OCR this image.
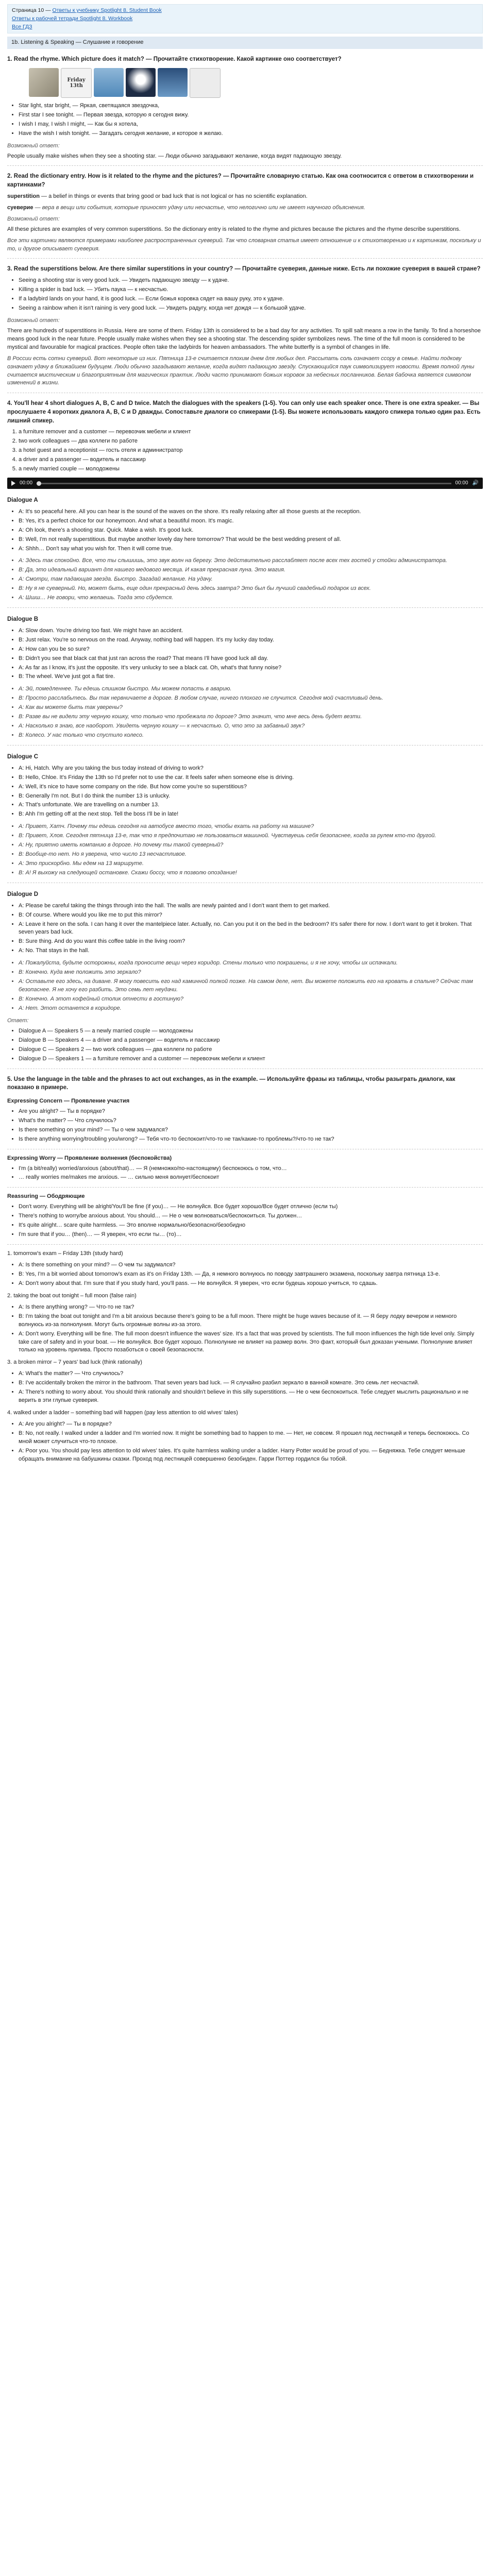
Страница 10 — Ответы к учебнику Spotlight 8. Student Book
Ответы к рабочей тетради Spotlight 8. Workbook
Все ГДЗ
1b. Listening & Speaking — Слушание и говорение
1. Read the rhyme. Which picture does it match? — Прочитайте стихотворение. Какой картинке оно соответствует?
Friday 13th
• Star light, star bright, — Яркая, светящаяся звездочка,
• First star I see tonight. — Первая звезда, которую я сегодня вижу.
• I wish I may, I wish I might, — Как бы я хотела,
• Have the wish I wish tonight. — Загадать сегодня желание, и которое я желаю.
Возможный ответ:

People usually make wishes when they see a shooting star. — Люди обычно загадывают желание, когда видят падающую звезду.

2. Read the dictionary entry. How is it related to the rhyme and the pictures? — Прочитайте словарную статью. Как она соотносится с ответом в стихотворении и картинками?

superstition — a belief in things or events that bring good or bad luck that is not logical or has no scientific explanation.

суеверие — вера в вещи или события, которые приносят удачу или несчастье, что нелогично или не имеет научного объяснения.

Возможный ответ:

All these pictures are examples of very common superstitions. So the dictionary entry is related to the rhyme and pictures because the pictures and the rhyme describe superstitions.

Все эти картинки являются примерами наиболее распространенных суеверий. Так что словарная статья имеет отношение и к стихотворению и к картинкам, поскольку и то, и другое описывает суеверия.

3. Read the superstitions below. Are there similar superstitions in your country? — Прочитайте суеверия, данные ниже. Есть ли похожие суеверия в вашей стране?
• Seeing a shooting star is very good luck. — Увидеть падающую звезду — к удаче.
• Killing a spider is bad luck. — Убить паука — к несчастью.
• If a ladybird lands on your hand, it is good luck. — Если божья коровка сядет на вашу руку, это к удаче.
• Seeing a rainbow when it isn't raining is very good luck. — Увидеть радугу, когда нет дождя — к большой удаче.
Возможный ответ:

There are hundreds of superstitions in Russia. Here are some of them. Friday 13th is considered to be a bad day for any activities. To spill salt means a row in the family. To find a horseshoe means good luck in the near future. People usually make wishes when they see a shooting star. The descending spider symbolizes news. The time of the full moon is considered to be mystical and favourable for magical practices. People often take the ladybirds for heaven ambassadors. The white butterfly is a symbol of changes in life.

В России есть сотни суеверий. Вот некоторые из них. Пятница 13-е считается плохим днем для любых дел. Рассыпать соль означает ссору в семье. Найти подкову означает удачу в ближайшем будущем. Люди обычно загадывают желание, когда видят падающую звезду. Спускающийся паук символизирует новости. Время полной луны считается мистическим и благоприятным для магических практик. Люди часто принимают божьих коровок за небесных посланников. Белая бабочка является символом изменений в жизни.

4. You'll hear 4 short dialogues A, B, C and D twice. Match the dialogues with the speakers (1-5). You can only use each speaker once. There is one extra speaker. — Вы прослушаете 4 коротких диалога A, B, C и D дважды. Сопоставьте диалоги со спикерами (1-5). Вы можете использовать каждого спикера только один раз. Есть лишний спикер.
1. a furniture remover and a customer — перевозчик мебели и клиент
2. two work colleagues — два коллеги по работе
3. a hotel guest and a receptionist — гость отеля и администратор
4. a driver and a passenger — водитель и пассажир
5. a newly married couple — молодожены
00:00	00:00 🔊
Dialogue A
• A: It's so peaceful here. All you can hear is the sound of the waves on the shore. It's really relaxing after all those guests at the reception.
• B: Yes, it's a perfect choice for our honeymoon. And what a beautiful moon. It's magic.
• A: Oh look, there's a shooting star. Quick. Make a wish. It's good luck.
• B: Well, I'm not really superstitious. But maybe another lovely day here tomorrow? That would be the best wedding present of all.
• A: Shhh… Don't say what you wish for. Then it will come true.
• A: Здесь так спокойно. Все, что ты слышишь, это звук волн на берегу. Это действительно расслабляет после всех тех гостей у стойки администратора.
• B: Да, это идеальный вариант для нашего медового месяца. И какая прекрасная луна. Это магия.
• A: Смотри, там падающая звезда. Быстро. Загадай желание. На удачу.
• B: Ну я не суеверный. Но, может быть, еще один прекрасный день здесь завтра? Это был бы лучший свадебный подарок из всех.
• A: Шшш… Не говори, что желаешь. Тогда это сбудется.
Dialogue B
• A: Slow down. You're driving too fast. We might have an accident.
• B: Just relax. You're so nervous on the road. Anyway, nothing bad will happen. It's my lucky day today.
• A: How can you be so sure?
• B: Didn't you see that black cat that just ran across the road? That means I'll have good luck all day.
• A: As far as I know, it's just the opposite. It's very unlucky to see a black cat. Oh, what's that funny noise?
• B: The wheel. We've just got a flat tire.
• A: Эй, помедленнее. Ты едешь слишком быстро. Мы можем попасть в аварию.
• B: Просто расслабьтесь. Вы так нервничаете в дороге. В любом случае, ничего плохого не случится. Сегодня мой счастливый день.
• A: Как вы можете быть так уверены?
• B: Разве вы не видели эту черную кошку, что только что пробежала по дороге? Это значит, что мне весь день будет везти.
• A: Насколько я знаю, все наоборот. Увидеть черную кошку — к несчастью. О, что это за забавный звук?
• B: Колесо. У нас только что спустило колесо.
Dialogue C
• A: Hi, Hatch. Why are you taking the bus today instead of driving to work?
• B: Hello, Chloe. It's Friday the 13th so I'd prefer not to use the car. It feels safer when someone else is driving.
• A: Well, it's nice to have some company on the ride. But how come you're so superstitious?
• B: Generally I'm not. But I do think the number 13 is unlucky.
• A: That's unfortunate. We are travelling on a number 13.
• B: Ahh I'm getting off at the next stop. Tell the boss I'll be in late!
• A: Привет, Хатч. Почему ты едешь сегодня на автобусе вместо того, чтобы ехать на работу на машине?
• B: Привет, Хлоя. Сегодня пятница 13-е, так что я предпочитаю не пользоваться машиной. Чувствуешь себя безопаснее, когда за рулем кто-то другой.
• A: Ну, приятно иметь компанию в дороге. Но почему ты такой суеверный?
• B: Вообще-то нет. Но я уверена, что число 13 несчастливое.
• A: Это прискорбно. Мы едем на 13 маршруте.
• B: А! Я выхожу на следующей остановке. Скажи боссу, что я позволю опоздание!
Dialogue D
• A: Please be careful taking the things through into the hall. The walls are newly painted and I don't want them to get marked.
• B: Of course. Where would you like me to put this mirror?
• A: Leave it here on the sofa. I can hang it over the mantelpiece later. Actually, no. Can you put it on the bed in the bedroom? It's safer there for now. I don't want to get it broken. That seven years bad luck.
• B: Sure thing. And do you want this coffee table in the living room?
• A: No. That stays in the hall.
• A: Пожалуйста, будьте осторожны, когда проносите вещи через коридор. Стены только что покрашены, и я не хочу, чтобы их испачкали.
• B: Конечно. Куда мне положить это зеркало?
• A: Оставьте его здесь, на диване. Я могу повесить его над каминной полкой позже. На самом деле, нет. Вы можете положить его на кровать в спальне? Сейчас там безопаснее. Я не хочу его разбить. Это семь лет неудачи.
• B: Конечно. А этот кофейный столик отнести в гостиную?
• A: Нет. Этот останется в коридоре.
Ответ:
• Dialogue A — Speakers 5 — a newly married couple — молодожены
• Dialogue B — Speakers 4 — a driver and a passenger — водитель и пассажир
• Dialogue C — Speakers 2 — two work colleagues — два коллеги по работе
• Dialogue D — Speakers 1 — a furniture remover and a customer — перевозчик мебели и клиент
5. Use the language in the table and the phrases to act out exchanges, as in the example. — Используйте фразы из таблицы, чтобы разыграть диалоги, как показано в примере.
Expressing Concern — Проявление участия
• Are you alright? — Ты в порядке?
• What's the matter? — Что случилось?
• Is there something on your mind? — Ты о чем задумался?
• Is there anything worrying/troubling you/wrong? — Тебя что-то беспокоит/что-то не так/какие-то проблемы?/что-то не так?
Expressing Worry — Проявление волнения (беспокойства)
• I'm (a bit/really) worried/anxious (about/that)… — Я (немножко/по-настоящему) беспокоюсь о том, что…
• … really worries me/makes me anxious. — … сильно меня волнует/беспокоит
Reassuring — Ободряющие
• Don't worry. Everything will be alright/You'll be fine (if you)… — Не волнуйся. Все будет хорошо/Все будет отлично (если ты)
• There's nothing to worry/be anxious about. You should… — Не о чем волноваться/беспокоиться. Ты должен…
• It's quite alright… scare quite harmless. — Это вполне нормально/безопасно/безобидно
• I'm sure that if you… (then)… — Я уверен, что если ты… (то)…

1. tomorrow's exam – Friday 13th (study hard)

• A: Is there something on your mind? — О чем ты задумался?
• B: Yes, I'm a bit worried about tomorrow's exam as it's on Friday 13th. — Да, я немного волнуюсь по поводу завтрашнего экзамена, поскольку завтра пятница 13-е.
• A: Don't worry about that. I'm sure that if you study hard, you'll pass. — Не волнуйся. Я уверен, что если будешь хорошо учиться, то сдашь.

2. taking the boat out tonight – full moon (false rain)

• A: Is there anything wrong? — Что-то не так?
• B: I'm taking the boat out tonight and I'm a bit anxious because there's going to be a full moon. There might be huge waves because of it. — Я беру лодку вечером и немного волнуюсь из-за полнолуния. Могут быть огромные волны из-за этого.
• A: Don't worry. Everything will be fine. The full moon doesn't influence the waves' size. It's a fact that was proved by scientists. The full moon influences the high tide level only. Simply take care of safety and in your boat. — Не волнуйся. Все будет хорошо. Полнолуние не влияет на размер волн. Это факт, который был доказан учеными. Полнолуние влияет только на уровень прилива. Просто позаботься о своей безопасности.

3. a broken mirror – 7 years' bad luck (think rationally)

• A: What's the matter? — Что случилось?
• B: I've accidentally broken the mirror in the bathroom. That seven years bad luck. — Я случайно разбил зеркало в ванной комнате. Это семь лет несчастий.
• A: There's nothing to worry about. You should think rationally and shouldn't believe in this silly superstitions. — Не о чем беспокоиться. Тебе следует мыслить рационально и не верить в эти глупые суеверия.

4. walked under a ladder – something bad will happen (pay less attention to old wives' tales)

• A: Are you alright? — Ты в порядке?
• B: No, not really. I walked under a ladder and I'm worried now. It might be something bad to happen to me. — Нет, не совсем. Я прошел под лестницей и теперь беспокоюсь. Со мной может случиться что-то плохое.
• A: Poor you. You should pay less attention to old wives' tales. It's quite harmless walking under a ladder. Harry Potter would be proud of you. — Бедняжка. Тебе следует меньше обращать внимание на бабушкины сказки. Проход под лестницей совершенно безобиден. Гарри Поттер гордился бы тобой.
